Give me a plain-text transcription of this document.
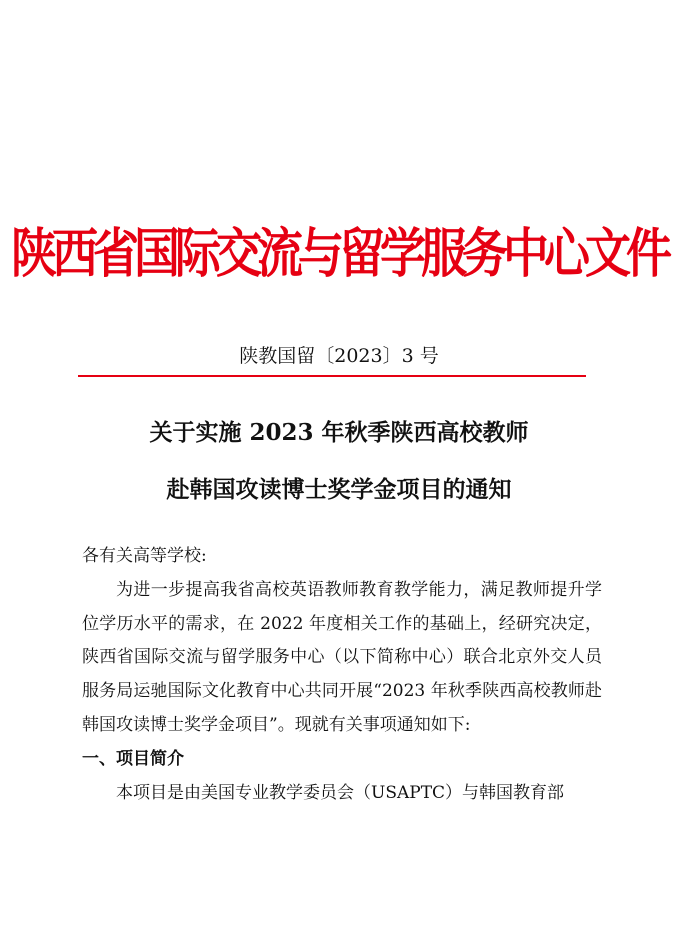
陕西省国际交流与留学服务中心文件
陕教国留〔2023〕3 号
关于实施 2023 年秋季陕西高校教师
赴韩国攻读博士奖学金项目的通知

各有关高等学校:

为进一步提高我省高校英语教师教育教学能力，满足教师提升学位学历水平的需求，在 2022 年度相关工作的基础上，经研究决定，陕西省国际交流与留学服务中心（以下简称中心）联合北京外交人员服务局运驰国际文化教育中心共同开展“2023 年秋季陕西高校教师赴韩国攻读博士奖学金项目”。现就有关事项通知如下:

一、项目简介

本项目是由美国专业教学委员会（USAPTC）与韩国教育部
